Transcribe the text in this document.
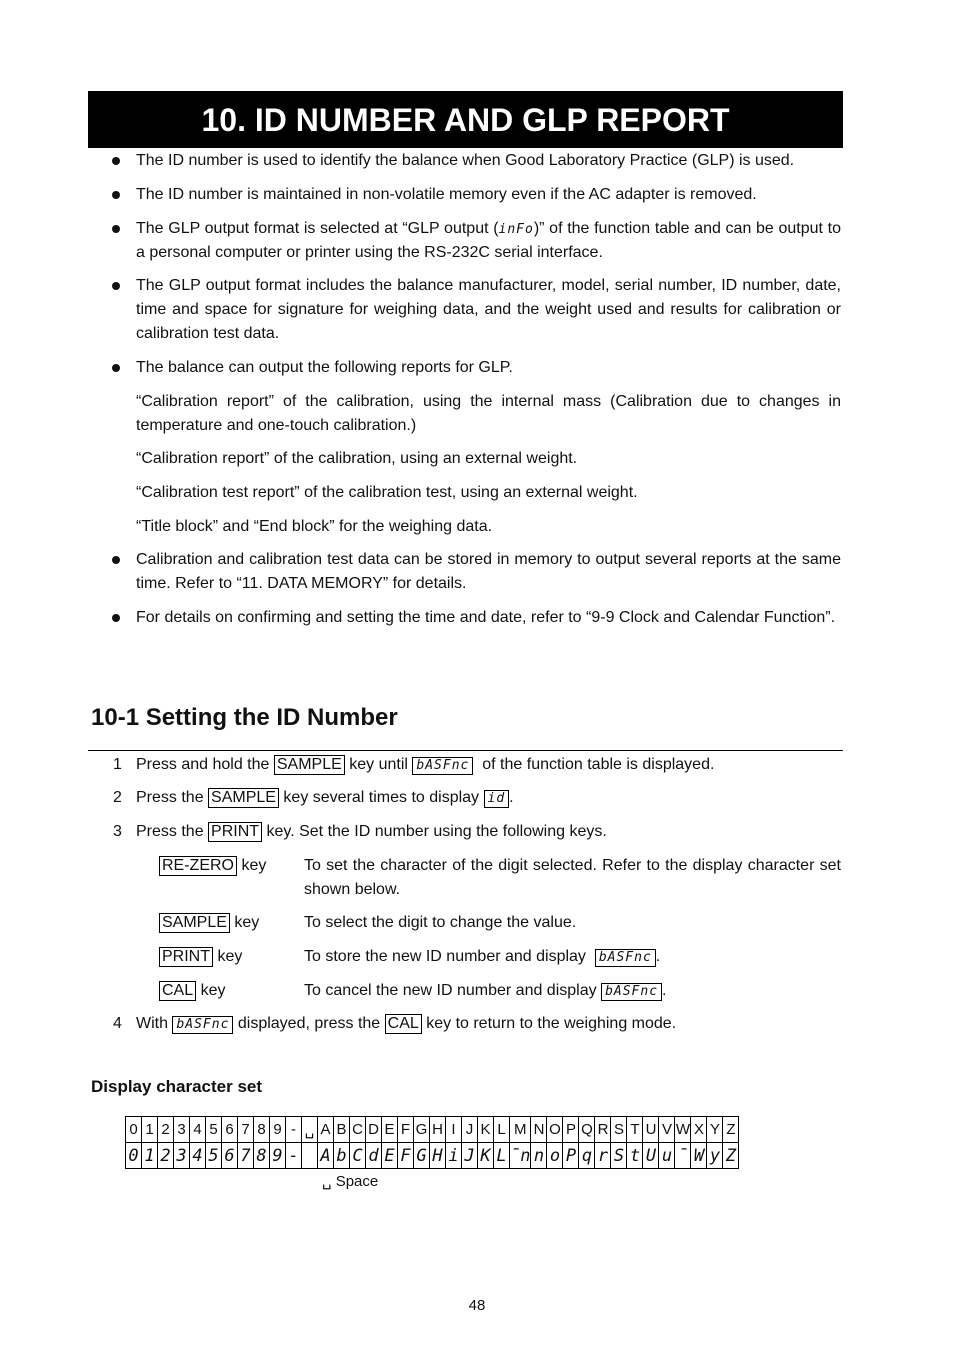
10. ID NUMBER AND GLP REPORT
The ID number is used to identify the balance when Good Laboratory Practice (GLP) is used.
The ID number is maintained in non-volatile memory even if the AC adapter is removed.
The GLP output format is selected at “GLP output (inFo)” of the function table and can be output to a personal computer or printer using the RS-232C serial interface.
The GLP output format includes the balance manufacturer, model, serial number, ID number, date, time and space for signature for weighing data, and the weight used and results for calibration or calibration test data.
The balance can output the following reports for GLP.
“Calibration report” of the calibration, using the internal mass (Calibration due to changes in temperature and one-touch calibration.)
“Calibration report” of the calibration, using an external weight.
“Calibration test report” of the calibration test, using an external weight.
“Title block” and “End block” for the weighing data.
Calibration and calibration test data can be stored in memory to output several reports at the same time. Refer to “11. DATA MEMORY” for details.
For details on confirming and setting the time and date, refer to “9-9 Clock and Calendar Function”.
10-1 Setting the ID Number
1 Press and hold the SAMPLE key until bASFnc of the function table is displayed.
2 Press the SAMPLE key several times to display id .
3 Press the PRINT key. Set the ID number using the following keys.
RE-ZERO key To set the character of the digit selected. Refer to the display character set shown below.
SAMPLE key	To select the digit to change the value.
PRINT key	To store the new ID number and display bASFnc .
CAL key	To cancel the new ID number and display bASFnc .
4 With bASFnc displayed, press the CAL key to return to the weighing mode.
Display character set
0	1	2	3	4	5	6	7	8	9	-	␣	A	B	C	D	E	F	G	H	I	J	K	L	M	N	O	P	Q	R	S	T	U	V	W	X	Y	Z
0	1	2	3	4	5	6	7	8	9	-		A	b	C	d	E	F	G	H	i	J	K	L	̄n	n	o	P	q	r	S	t	U	u	̄	W	y	Z
␣ Space
48
